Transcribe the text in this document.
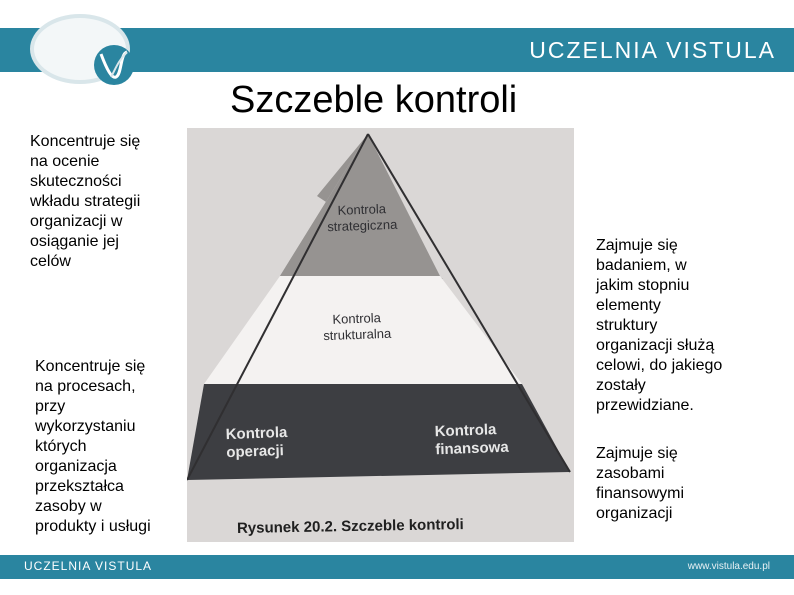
UCZELNIA VISTULA
Szczeble kontroli
Koncentruje się
na ocenie
skuteczności
wkładu strategii
organizacji w
osiąganie jej
celów
Koncentruje się
na procesach,
przy
wykorzystaniu
których
organizacja
przekształca
zasoby w
produkty i usługi
Zajmuje się
badaniem, w
jakim stopniu
elementy
struktury
organizacji służą
celowi, do jakiego
zostały
przewidziane.
Zajmuje się
zasobami
finansowymi
organizacji
Kontrola
strategiczna
Kontrola
strukturalna
Kontrola
operacji
Kontrola
finansowa
Rysunek 20.2. Szczeble kontroli
UCZELNIA VISTULA	www.vistula.edu.pl
